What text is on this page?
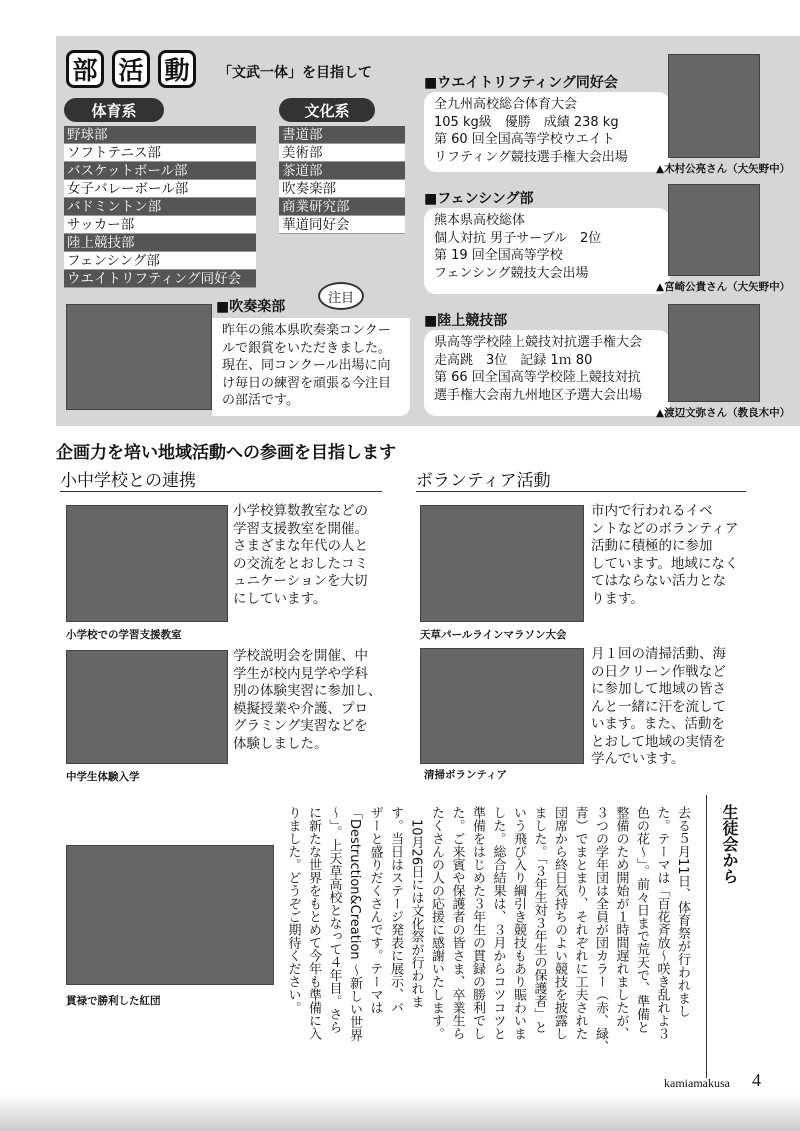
部 活 動	「文武一体」を目指して
体育系
野球部
ソフトテニス部
バスケットボール部
女子バレーボール部
バドミントン部
サッカー部
陸上競技部
フェンシング部
ウエイトリフティング同好会
文化系
書道部
美術部
茶道部
吹奏楽部
商業研究部
華道同好会
■吹奏楽部
注目
昨年の熊本県吹奏楽コンクー
ルで銀賞をいただきました。
現在、同コンクール出場に向
け毎日の練習を頑張る今注目
の部活です。
■ウエイトリフティング同好会
全九州高校総合体育大会
105 kg級　優勝　成績 238 kg
第 60 回全国高等学校ウエイト
リフティング競技選手権大会出場
▲木村公亮さん（大矢野中）
■フェンシング部
熊本県高校総体
個人対抗 男子サーブル　2位
第 19 回全国高等学校
フェンシング競技大会出場
▲宮崎公貴さん（大矢野中）
■陸上競技部
県高等学校陸上競技対抗選手権大会
走高跳　3位　記録 1ｍ 80
第 66 回全国高等学校陸上競技対抗
選手権大会南九州地区予選大会出場
▲渡辺文弥さん（教良木中）
企画力を培い地域活動への参画を目指します
小中学校との連携
小学校算数教室などの
学習支援教室を開催。
さまざまな年代の人と
の交流をとおしたコミ
ュニケーションを大切
にしています。
小学校での学習支援教室
学校説明会を開催、中
学生が校内見学や学科
別の体験実習に参加し、
模擬授業や介護、プロ
グラミング実習などを
体験しました。
中学生体験入学
ボランティア活動
市内で行われるイベ
ントなどのボランティア
活動に積極的に参加
しています。地域になく
てはならない活力とな
ります。
天草パールラインマラソン大会
月１回の清掃活動、海
の日クリーン作戦など
に参加して地域の皆さ
んと一緒に汗を流して
います。また、活動を
とおして地域の実情を
学んでいます。
清掃ボランティア
生徒会から
去る５月11日、体育祭が行われまし
た。テーマは「百花斉放～咲き乱れよ３
色の花～」。前々日まで荒天で、準備と
整備のため開始が１時間遅れましたが、
３つの学年団は全員が団カラー（赤、緑、
青）でまとまり、それぞれに工夫された
団席から終日気持ちのよい競技を披露し
ました。「３年生対３年生の保護者」と
いう飛び入り綱引き競技もあり賑わいま
した。総合結果は、３月からコツコツと
準備をはじめた３年生の貫録の勝利でし
た。ご来賓や保護者の皆さま、卒業生ら
たくさんの人の応援に感謝いたします。
　10月26日には文化祭が行われま
す。当日はステージ発表に展示、バ
ザーと盛りだくさんです。テーマは
「Destruction&Creation ～新しい世界
～」。上天草高校となって４年目。さら
に新たな世界をもとめて今年も準備に入
りました。どうぞご期待ください。
貫禄で勝利した紅団
kamiamakusa 4
